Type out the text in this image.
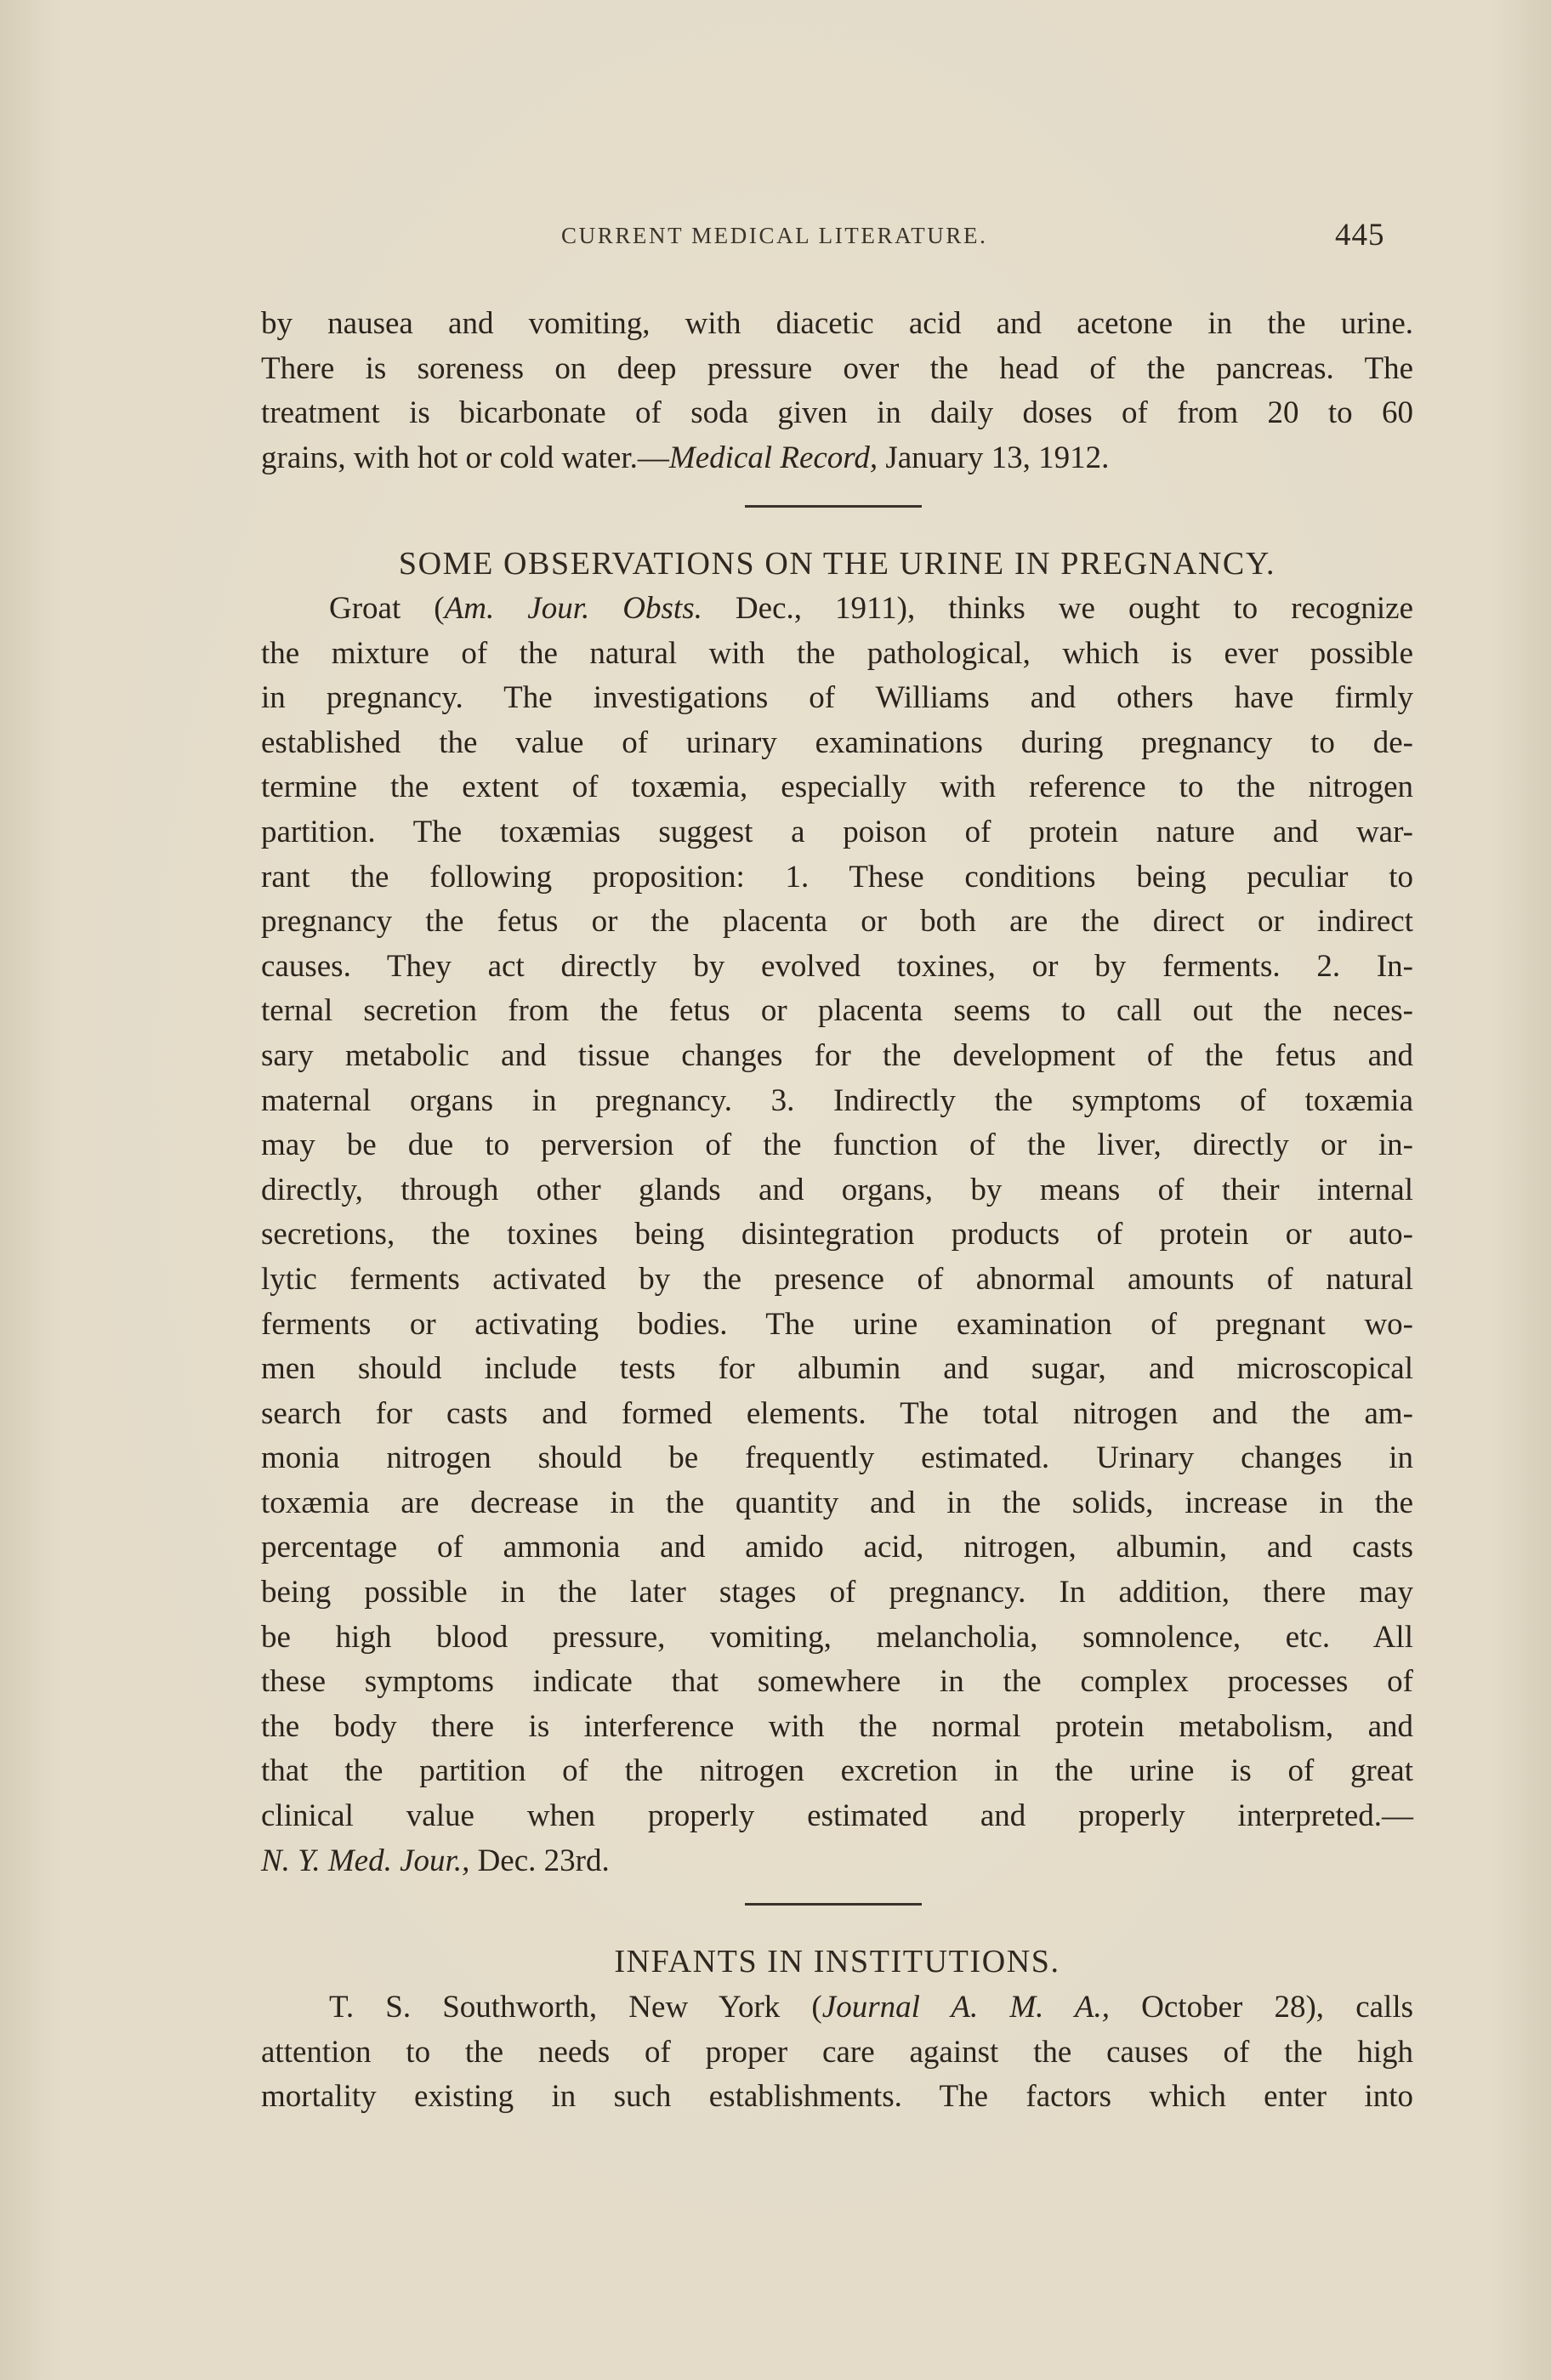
CURRENT MEDICAL LITERATURE.	445
by nausea and vomiting, with diacetic acid and acetone in the urine.
There is soreness on deep pressure over the head of the pancreas. The
treatment is bicarbonate of soda given in daily doses of from 20 to 60
grains, with hot or cold water.—Medical Record, January 13, 1912.
SOME OBSERVATIONS ON THE URINE IN PREGNANCY.
Groat (Am. Jour. Obsts. Dec., 1911), thinks we ought to recognize
the mixture of the natural with the pathological, which is ever possible
in pregnancy. The investigations of Williams and others have firmly
established the value of urinary examinations during pregnancy to de-
termine the extent of toxæmia, especially with reference to the nitrogen
partition. The toxæmias suggest a poison of protein nature and war-
rant the following proposition: 1. These conditions being peculiar to
pregnancy the fetus or the placenta or both are the direct or indirect
causes. They act directly by evolved toxines, or by ferments. 2. In-
ternal secretion from the fetus or placenta seems to call out the neces-
sary metabolic and tissue changes for the development of the fetus and
maternal organs in pregnancy. 3. Indirectly the symptoms of toxæmia
may be due to perversion of the function of the liver, directly or in-
directly, through other glands and organs, by means of their internal
secretions, the toxines being disintegration products of protein or auto-
lytic ferments activated by the presence of abnormal amounts of natural
ferments or activating bodies. The urine examination of pregnant wo-
men should include tests for albumin and sugar, and microscopical
search for casts and formed elements. The total nitrogen and the am-
monia nitrogen should be frequently estimated. Urinary changes in
toxæmia are decrease in the quantity and in the solids, increase in the
percentage of ammonia and amido acid, nitrogen, albumin, and casts
being possible in the later stages of pregnancy. In addition, there may
be high blood pressure, vomiting, melancholia, somnolence, etc. All
these symptoms indicate that somewhere in the complex processes of
the body there is interference with the normal protein metabolism, and
that the partition of the nitrogen excretion in the urine is of great
clinical value when properly estimated and properly interpreted.—
N. Y. Med. Jour., Dec. 23rd.
INFANTS IN INSTITUTIONS.
T. S. Southworth, New York (Journal A. M. A., October 28), calls
attention to the needs of proper care against the causes of the high
mortality existing in such establishments. The factors which enter into
